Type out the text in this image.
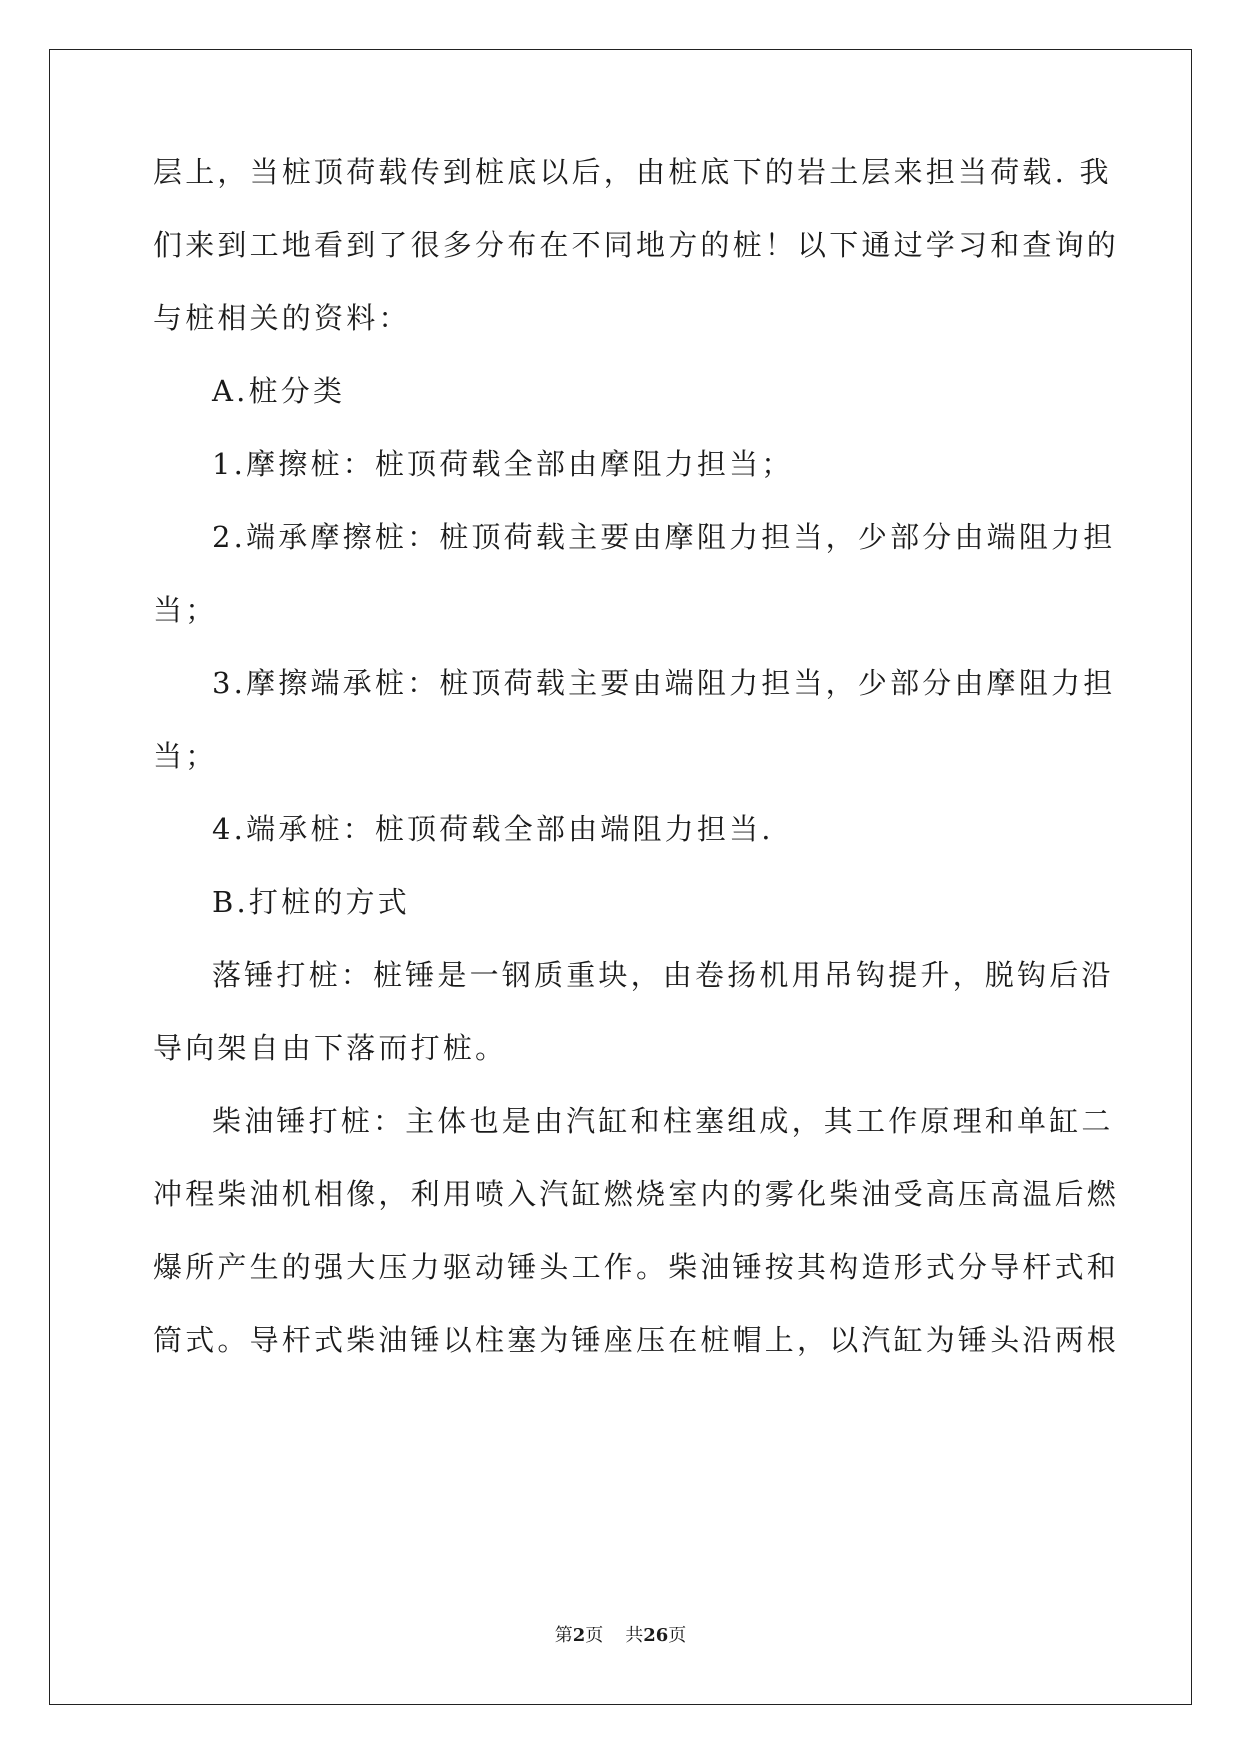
层上，当桩顶荷载传到桩底以后，由桩底下的岩土层来担当荷载. 我
们来到工地看到了很多分布在不同地方的桩！以下通过学习和查询的
与桩相关的资料：
A.桩分类
1.摩擦桩：桩顶荷载全部由摩阻力担当；
2.端承摩擦桩：桩顶荷载主要由摩阻力担当，少部分由端阻力担
当；
3.摩擦端承桩：桩顶荷载主要由端阻力担当，少部分由摩阻力担
当；
4.端承桩：桩顶荷载全部由端阻力担当.
B.打桩的方式
落锤打桩：桩锤是一钢质重块，由卷扬机用吊钩提升，脱钩后沿
导向架自由下落而打桩。
柴油锤打桩：主体也是由汽缸和柱塞组成，其工作原理和单缸二
冲程柴油机相像，利用喷入汽缸燃烧室内的雾化柴油受高压高温后燃
爆所产生的强大压力驱动锤头工作。柴油锤按其构造形式分导杆式和
筒式。导杆式柴油锤以柱塞为锤座压在桩帽上，以汽缸为锤头沿两根
第2页 共26页
